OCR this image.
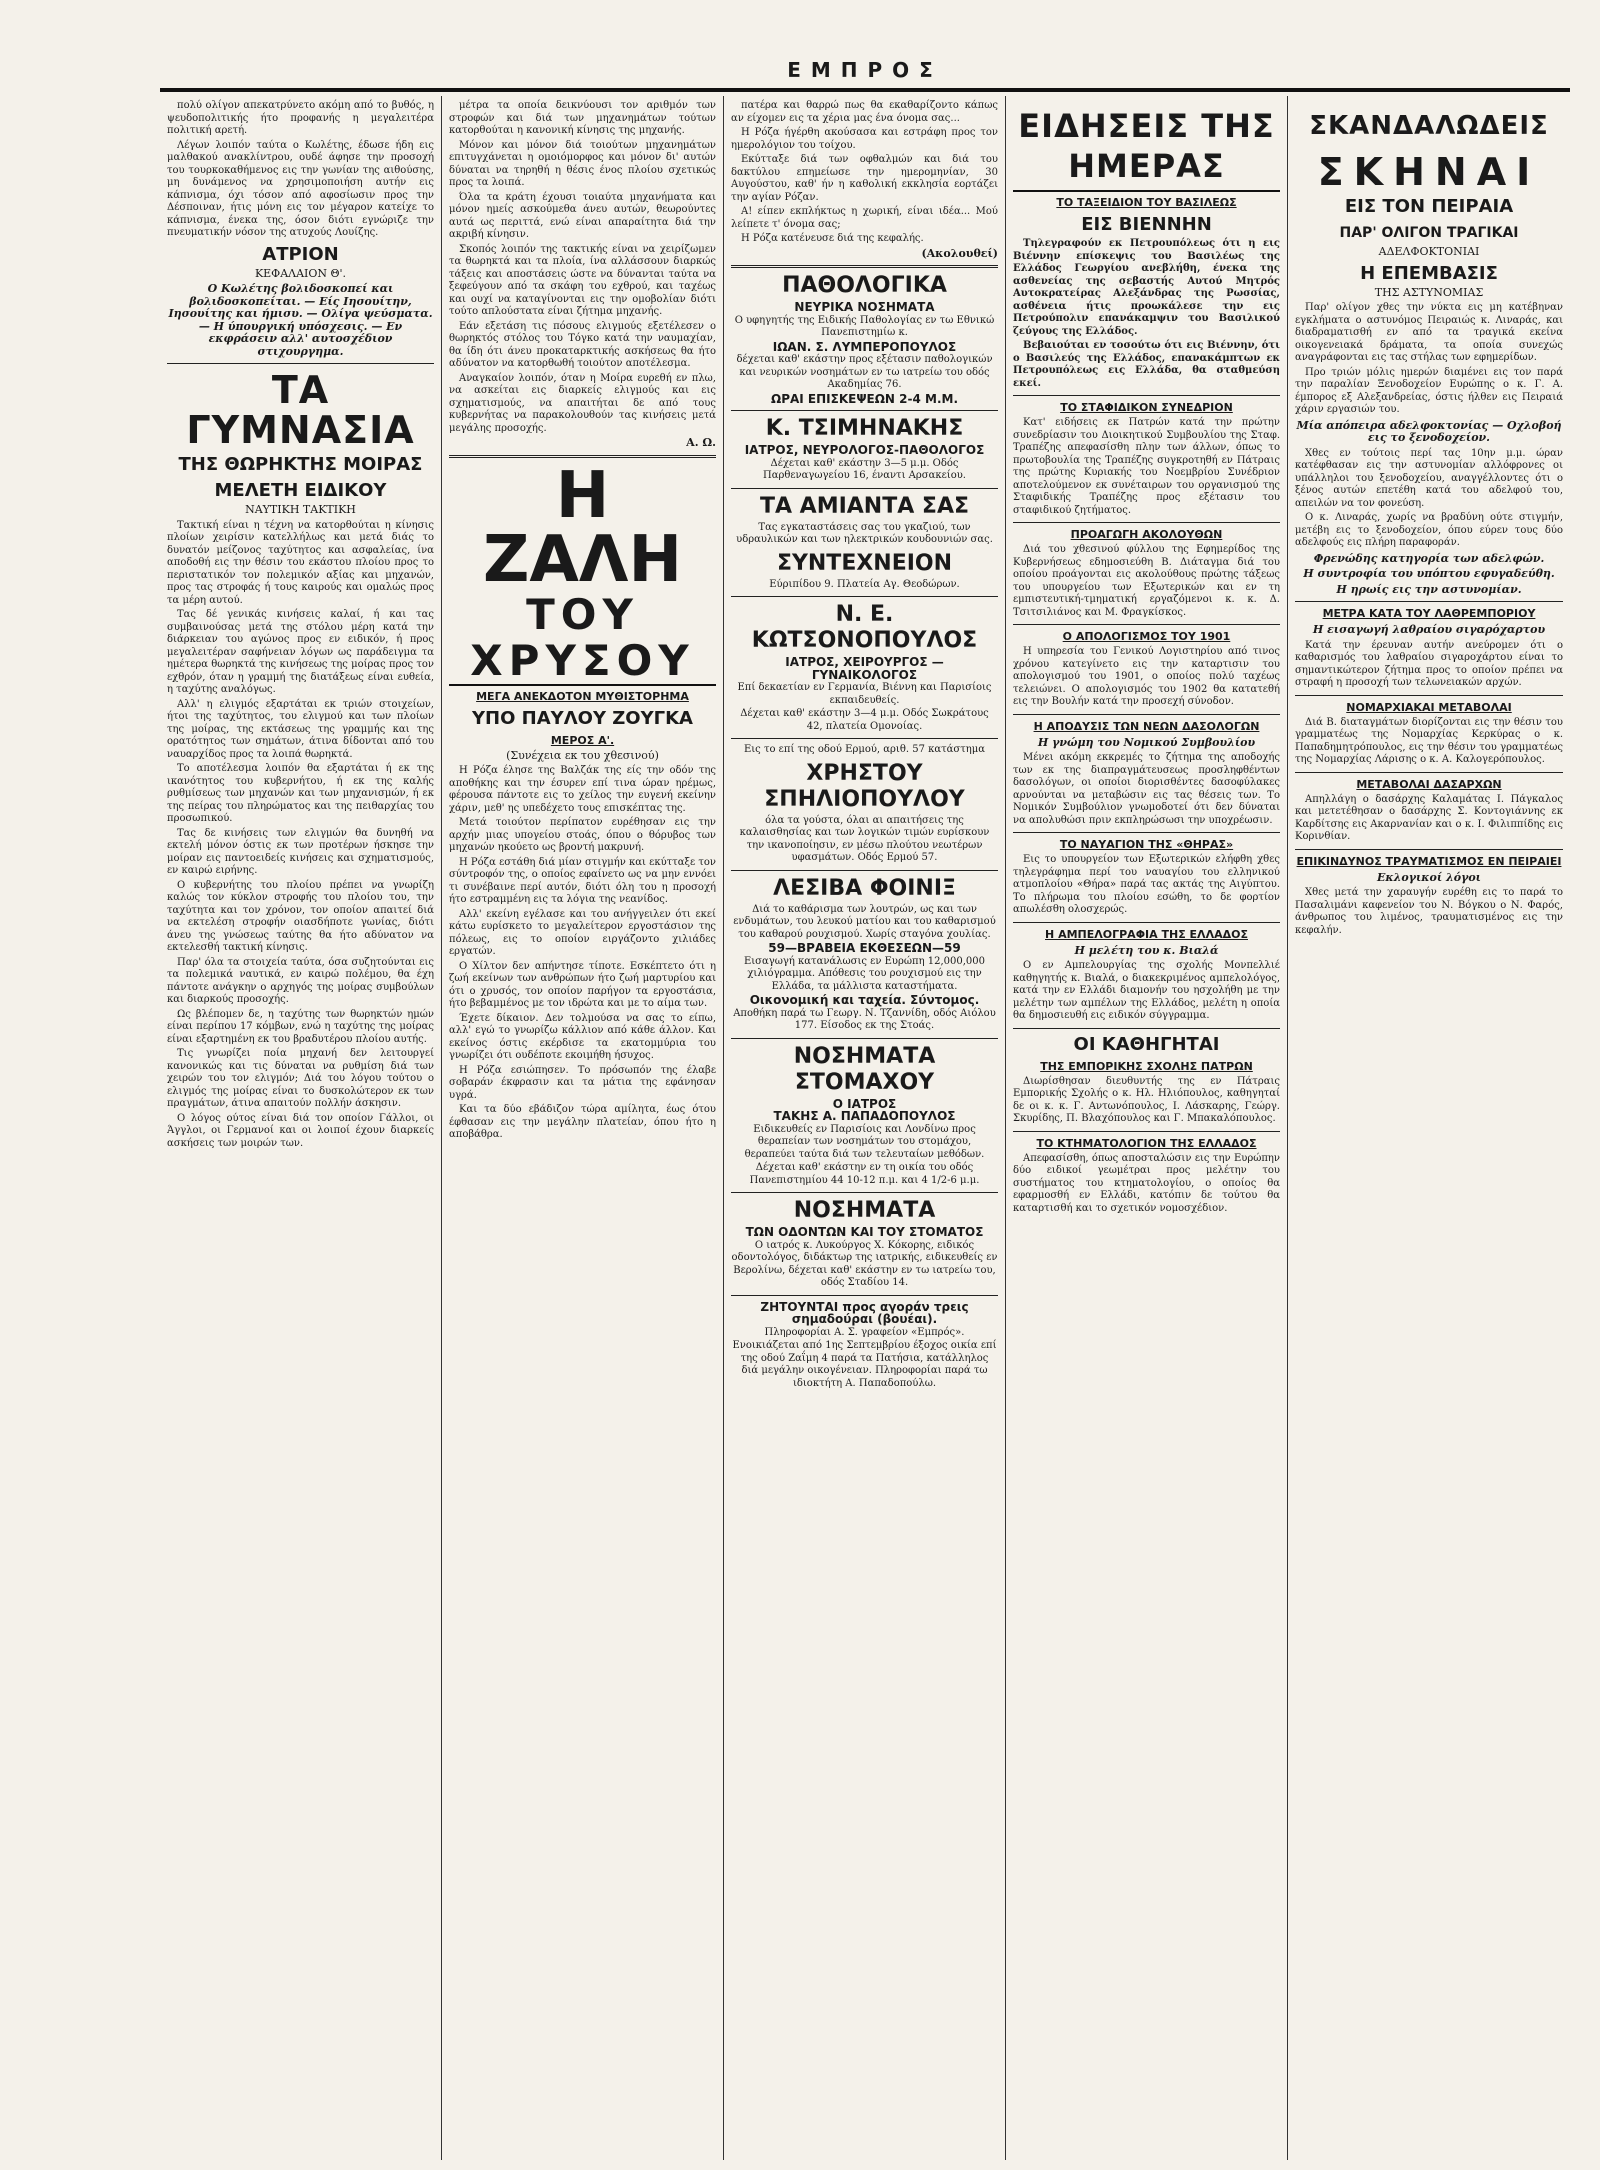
ΕΜΠΡΟΣ

πολύ ολίγον απεκατρύνετο ακόμη από το βυθός, η ψευδοπολιτικής ήτο προφανής η μεγαλειτέρα πολιτική αρετή.

Λέγων λοιπόν ταύτα ο Κωλέτης, έδωσε ήδη εις μαλθακού ανακλίντρου, ουδέ άφησε την προσοχή του τουρκοκαθήμενος εις την γωνίαν της αιθούσης, μη δυνάμενος να χρησιμοποιήση αυτήν εις κάπνισμα, όχι τόσον από αφοσίωσιν προς την Δέσποιναν, ήτις μόνη εις τον μέγαρον κατείχε το κάπνισμα, ένεκα της, όσον διότι εγνώριζε την πνευματικήν νόσον της ατυχούς Λουίζης.

ΑΤΡΙΟΝ
ΚΕΦΑΛΑΙΟΝ Θ'.
Ο Κωλέτης βολιδοσκοπεί και βολιδοσκοπείται. — Είς Ιησουίτην, Ιησουίτης και ήμισυ. — Ολίγα ψεύσματα. — Η ύπουργική υπόσχεσις. — Εν εκφράσειν αλλ' αυτοσχέδιον στιχουργημα.
ΤΑ ΓΥΜΝΑΣΙΑ
ΤΗΣ ΘΩΡΗΚΤΗΣ ΜΟΙΡΑΣ
ΜΕΛΕΤΗ ΕΙΔΙΚΟΥ
ΝΑΥΤΙΚΗ ΤΑΚΤΙΚΗ

Τακτική είναι η τέχνη να κατορθούται η κίνησις πλοίων χειρίσιν κατελλήλως και μετά διάς το δυνατόν μείζονος ταχύτητος και ασφαλείας, ίνα αποδοθή εις την θέσιν του εκάστου πλοίου προς το περιστατικόν τον πολεμικόν αξίας και μηχανών, προς τας στροφάς ή τους καιρούς και ομαλώς προς τα μέρη αυτού.

Τας δέ γενικάς κινήσεις καλαί, ή και τας συμβαινούσας μετά της στόλου μέρη κατά την διάρκειαν του αγώνος προς εν ειδικόν, ή προς μεγαλειτέραν σαφήνειαν λόγων ως παράδειγμα τα ημέτερα θωρηκτά της κινήσεως της μοίρας προς τον εχθρόν, όταν η γραμμή της διατάξεως είναι ευθεία, η ταχύτης αναλόγως.

Αλλ' η ελιγμός εξαρτάται εκ τριών στοιχείων, ήτοι της ταχύτητος, του ελιγμού και των πλοίων της μοίρας, της εκτάσεως της γραμμής και της ορατότητος των σημάτων, άτινα δίδονται από του ναυαρχίδος προς τα λοιπά θωρηκτά.

Το αποτέλεσμα λοιπόν θα εξαρτάται ή εκ της ικανότητος του κυβερνήτου, ή εκ της καλής ρυθμίσεως των μηχανών και των μηχανισμών, ή εκ της πείρας του πληρώματος και της πειθαρχίας του προσωπικού.

Τας δε κινήσεις των ελιγμών θα δυνηθή να εκτελή μόνον όστις εκ των προτέρων ήσκησε την μοίραν εις παντοειδείς κινήσεις και σχηματισμούς, εν καιρώ ειρήνης.

Ο κυβερνήτης του πλοίου πρέπει να γνωρίζη καλώς τον κύκλον στροφής του πλοίου του, την ταχύτητα και τον χρόνον, τον οποίον απαιτεί διά να εκτελέση στροφήν οιασδήποτε γωνίας, διότι άνευ της γνώσεως ταύτης θα ήτο αδύνατον να εκτελεσθή τακτική κίνησις.

Παρ' όλα τα στοιχεία ταύτα, όσα συζητούνται εις τα πολεμικά ναυτικά, εν καιρώ πολέμου, θα έχη πάντοτε ανάγκην ο αρχηγός της μοίρας συμβούλων και διαρκούς προσοχής.

Ως βλέπομεν δε, η ταχύτης των θωρηκτών ημών είναι περίπου 17 κόμβων, ενώ η ταχύτης της μοίρας είναι εξαρτημένη εκ του βραδυτέρου πλοίου αυτής.

Τις γνωρίζει ποία μηχανή δεν λειτουργεί κανονικώς και τις δύναται να ρυθμίση διά των χειρών του τον ελιγμόν; Διά του λόγου τούτου ο ελιγμός της μοίρας είναι το δυσκολώτερον εκ των πραγμάτων, άτινα απαιτούν πολλήν άσκησιν.

Ο λόγος ούτος είναι διά τον οποίον Γάλλοι, οι Άγγλοι, οι Γερμανοί και οι λοιποί έχουν διαρκείς ασκήσεις των μοιρών των.

μέτρα τα οποία δεικνύουσι τον αριθμόν των στροφών και διά των μηχανημάτων τούτων κατορθούται η κανονική κίνησις της μηχανής.

Μόνον και μόνον διά τοιούτων μηχανημάτων επιτυγχάνεται η ομοιόμορφος και μόνον δι' αυτών δύναται να τηρηθή η θέσις ένος πλοίου σχετικώς προς τα λοιπά.

Όλα τα κράτη έχουσι τοιαύτα μηχανήματα και μόνον ημείς ασκούμεθα άνευ αυτών, θεωρούντες αυτά ως περιττά, ενώ είναι απαραίτητα διά την ακριβή κίνησιν.

Σκοπός λοιπόν της τακτικής είναι να χειρίζωμεν τα θωρηκτά και τα πλοία, ίνα αλλάσσουν διαρκώς τάξεις και αποστάσεις ώστε να δύνανται ταύτα να ξεφεύγουν από τα σκάφη του εχθρού, και ταχέως και ουχί να καταγίνονται εις την ομοβολίαν διότι τούτο απλούστατα είναι ζήτημα μηχανής.

Εάν εξετάση τις πόσους ελιγμούς εξετέλεσεν ο θωρηκτός στόλος του Τόγκο κατά την ναυμαχίαν, θα ίδη ότι άνευ προκαταρκτικής ασκήσεως θα ήτο αδύνατον να κατορθωθή τοιούτον αποτέλεσμα.

Αναγκαίον λοιπόν, όταν η Μοίρα ευρεθή εν πλω, να ασκείται εις διαρκείς ελιγμούς και εις σχηματισμούς, να απαιτήται δε από τους κυβερνήτας να παρακολουθούν τας κινήσεις μετά μεγάλης προσοχής.

Α. Ω.
Η ΖΑΛΗ
ΤΟΥ ΧΡΥΣΟΥ
ΜΕΓΑ ΑΝΕΚΔΟΤΟΝ ΜΥΘΙΣΤΟΡΗΜΑ
ΥΠΟ ΠΑΥΛΟΥ ΖΟΥΓΚΑ
ΜΕΡΟΣ Α'.
(Συνέχεια εκ του χθεσινού)

Η Ρόζα έλησε της Βαλζάκ της είς την οδόν της αποθήκης και την έσυρεν επί τινα ώραν ηρέμως, φέρουσα πάντοτε εις το χείλος την ευγενή εκείνην χάριν, μεθ' ης υπεδέχετο τους επισκέπτας της.

Μετά τοιούτον περίπατον ευρέθησαν εις την αρχήν μιας υπογείου στοάς, όπου ο θόρυβος των μηχανών ηκούετο ως βροντή μακρυνή.

Η Ρόζα εστάθη διά μίαν στιγμήν και εκύτταξε τον σύντροφόν της, ο οποίος εφαίνετο ως να μην εννόει τι συνέβαινε περί αυτόν, διότι όλη του η προσοχή ήτο εστραμμένη εις τα λόγια της νεανίδος.

Αλλ' εκείνη εγέλασε και του ανήγγειλεν ότι εκεί κάτω ευρίσκετο το μεγαλείτερον εργοστάσιον της πόλεως, εις το οποίον ειργάζοντο χιλιάδες εργατών.

Ο Χίλτον δεν απήντησε τίποτε. Εσκέπτετο ότι η ζωή εκείνων των ανθρώπων ήτο ζωή μαρτυρίου και ότι ο χρυσός, τον οποίον παρήγον τα εργοστάσια, ήτο βεβαμμένος με τον ιδρώτα και με το αίμα των.

Έχετε δίκαιον. Δεν τολμούσα να σας το είπω, αλλ' εγώ το γνωρίζω κάλλιον από κάθε άλλον. Και εκείνος όστις εκέρδισε τα εκατομμύρια του γνωρίζει ότι ουδέποτε εκοιμήθη ήσυχος.

Η Ρόζα εσιώπησεν. Το πρόσωπόν της έλαβε σοβαράν έκφρασιν και τα μάτια της εφάνησαν υγρά.

Και τα δύο εβάδιζον τώρα αμίλητα, έως ότου έφθασαν εις την μεγάλην πλατείαν, όπου ήτο η αποβάθρα.

πατέρα και θαρρώ πως θα εκαθαρίζοντο κάπως αν είχομεν εις τα χέρια μας ένα όνομα σας...

Η Ρόζα ήγέρθη ακούσασα και εστράφη προς τον ημερολόγιον του τοίχου.

Εκύτταξε διά των οφθαλμών και διά του δακτύλου επημείωσε την ημερομηνίαν, 30 Αυγούστου, καθ' ήν η καθολική εκκλησία εορτάζει την αγίαν Ρόζαν.

Α! είπεν εκπλήκτως η χωρική, είναι ιδέα... Μού λείπετε τ' όνομα σας;

Η Ρόζα κατένευσε διά της κεφαλής.

(Ακολουθεί)
ΠΑΘΟΛΟΓΙΚΑ
ΝΕΥΡΙΚΑ ΝΟΣΗΜΑΤΑ
Ο υφηγητής της Ειδικής Παθολογίας εν τω Εθνικώ Πανεπιστημίω κ.
ΙΩΑΝ. Σ. ΛΥΜΠΕΡΟΠΟΥΛΟΣ
δέχεται καθ' εκάστην προς εξέτασιν παθολογικών και νευρικών νοσημάτων εν τω ιατρείω του οδός Ακαδημίας 76.
ΩΡΑΙ ΕΠΙΣΚΕΨΕΩΝ 2-4 Μ.Μ.
Κ. ΤΣΙΜΗΝΑΚΗΣ
ΙΑΤΡΟΣ, ΝΕΥΡΟΛΟΓΟΣ-ΠΑΘΟΛΟΓΟΣ
Δέχεται καθ' εκάστην 3—5 μ.μ. Οδός Παρθεναγωγείου 16, έναντι Αρσακείου.
ΤΑ ΑΜΙΑΝΤΑ ΣΑΣ
Τας εγκαταστάσεις σας του γκαζιού, των υδραυλικών και των ηλεκτρικών κουδουνιών σας.
ΣΥΝΤΕΧΝΕΙΟΝ
Εύριπίδου 9. Πλατεία Αγ. Θεοδώρων.
Ν. Ε. ΚΩΤΣΟΝΟΠΟΥΛΟΣ
ΙΑΤΡΟΣ, ΧΕΙΡΟΥΡΓΟΣ — ΓΥΝΑΙΚΟΛΟΓΟΣ
Επί δεκαετίαν εν Γερμανία, Βιέννη και Παρισίοις εκπαιδευθείς.
Δέχεται καθ' εκάστην 3—4 μ.μ. Οδός Σωκράτους 42, πλατεία Ομονοίας.
Εις το επί της οδού Ερμού, αριθ. 57 κατάστημα
ΧΡΗΣΤΟΥ ΣΠΗΛΙΟΠΟΥΛΟΥ
όλα τα γούστα, όλαι αι απαιτήσεις της καλαισθησίας και των λογικών τιμών ευρίσκουν την ικανοποίησιν, εν μέσω πλούτου νεωτέρων υφασμάτων. Οδός Ερμού 57.
ΛΕΣΙΒΑ ΦΟΙΝΙΞ
Διά το καθάρισμα των λουτρών, ως και των ενδυμάτων, του λευκού ματίου και του καθαρισμού του καθαρού ρουχισμού. Χωρίς σταγόνα χουλίας.
59—ΒΡΑΒΕΙΑ ΕΚΘΕΣΕΩΝ—59
Εισαγωγή κατανάλωσις εν Ευρώπη 12,000,000 χιλιόγραμμα. Απόθεσις του ρουχισμού εις την Ελλάδα, τα μάλλιστα καταστήματα.
Οικονομική και ταχεία. Σύντομος.
Αποθήκη παρά τω Γεωργ. Ν. Τζαννίδη, οδός Αιόλου 177. Είσοδος εκ της Στοάς.
ΝΟΣΗΜΑΤΑ ΣΤΟΜΑΧΟΥ
Ο ΙΑΤΡΟΣ
ΤΑΚΗΣ Α. ΠΑΠΑΔΟΠΟΥΛΟΣ
Ειδικευθείς εν Παρισίοις και Λονδίνω προς θεραπείαν των νοσημάτων του στομάχου, θεραπεύει ταύτα διά των τελευταίων μεθόδων.
Δέχεται καθ' εκάστην εν τη οικία του οδός Πανεπιστημίου 44 10-12 π.μ. και 4 1/2-6 μ.μ.
ΝΟΣΗΜΑΤΑ
ΤΩΝ ΟΔΟΝΤΩΝ ΚΑΙ ΤΟΥ ΣΤΟΜΑΤΟΣ
Ο ιατρός κ. Λυκούργος Χ. Κόκορης, ειδικός οδοντολόγος, διδάκτωρ της ιατρικής, ειδικευθείς εν Βερολίνω, δέχεται καθ' εκάστην εν τω ιατρείω του, οδός Σταδίου 14.
ΖΗΤΟΥΝΤΑΙ προς αγοράν τρεις σημαδούραι (βουέαι).
Πληροφορίαι Α. Σ. γραφείον «Εμπρός».
Ενοικιάζεται από 1ης Σεπτεμβρίου έξοχος οικία επί της οδού Ζαΐμη 4 παρά τα Πατήσια, κατάλληλος διά μεγάλην οικογένειαν. Πληροφορίαι παρά τω ιδιοκτήτη Α. Παπαδοπούλω.
ΕΙΔΗΣΕΙΣ ΤΗΣ ΗΜΕΡΑΣ
ΤΟ ΤΑΞΕΙΔΙΟΝ ΤΟΥ ΒΑΣΙΛΕΩΣ
ΕΙΣ ΒΙΕΝΝΗΝ

Τηλεγραφούν εκ Πετρουπόλεως ότι η εις Βιέννην επίσκεψις του Βασιλέως της Ελλάδος Γεωργίου ανεβλήθη, ένεκα της ασθενείας της σεβαστής Αυτού Μητρός Αυτοκρατείρας Αλεξάνδρας της Ρωσσίας, ασθένεια ήτις προωκάλεσε την εις Πετρούπολιν επανάκαμψιν του Βασιλικού ζεύγους της Ελλάδος.

Βεβαιούται εν τοσούτω ότι εις Βιέννην, ότι ο Βασιλεύς της Ελλάδος, επανακάμπτων εκ Πετρουπόλεως εις Ελλάδα, θα σταθμεύση εκεί.

ΤΟ ΣΤΑΦΙΔΙΚΟΝ ΣΥΝΕΔΡΙΟΝ

Κατ' ειδήσεις εκ Πατρών κατά την πρώτην συνεδρίασιν του Διοικητικού Συμβουλίου της Σταφ. Τραπέζης απεφασίσθη πλην των άλλων, όπως το πρωτοβουλία της Τραπέζης συγκροτηθή εν Πάτραις της πρώτης Κυριακής του Νοεμβρίου Συνέδριον αποτελούμενον εκ συνέταιρων του οργανισμού της Σταφιδικής Τραπέζης προς εξέτασιν του σταφιδικού ζητήματος.

ΠΡΟΑΓΩΓΗ ΑΚΟΛΟΥΘΩΝ

Διά του χθεσινού φύλλου της Εφημερίδος της Κυβερνήσεως εδημοσιεύθη Β. Διάταγμα διά του οποίου προάγονται εις ακολούθους πρώτης τάξεως του υπουργείου των Εξωτερικών και εν τη εμπιστευτική-τμηματική εργαζόμενοι κ. κ. Δ. Τσιτσιλιάνος και Μ. Φραγκίσκος.

Ο ΑΠΟΛΟΓΙΣΜΟΣ ΤΟΥ 1901

Η υπηρεσία του Γενικού Λογιστηρίου από τινος χρόνου κατεγίνετο εις την καταρτισιν του απολογισμού του 1901, ο οποίος πολύ ταχέως τελειώνει. Ο απολογισμός του 1902 θα κατατεθή εις την Βουλήν κατά την προσεχή σύνοδον.

Η ΑΠΟΔΥΣΙΣ ΤΩΝ ΝΕΩΝ ΔΑΣΟΛΟΓΩΝ
Η γνώμη του Νομικού Συμβουλίου

Μένει ακόμη εκκρεμές το ζήτημα της αποδοχής των εκ της διαπραγμάτευσεως προσληφθέντων δασολόγων, οι οποίοι διορισθέντες δασοφύλακες αρνούνται να μεταβώσιν εις τας θέσεις των. Το Νομικόν Συμβούλιον γνωμοδοτεί ότι δεν δύναται να απολυθώσι πριν εκπληρώσωσι την υποχρέωσιν.

ΤΟ ΝΑΥΑΓΙΟΝ ΤΗΣ «ΘΗΡΑΣ»

Εις το υπουργείον των Εξωτερικών ελήφθη χθες τηλεγράφημα περί του ναυαγίου του ελληνικού ατμοπλοίου «Θήρα» παρά τας ακτάς της Αιγύπτου. Το πλήρωμα του πλοίου εσώθη, το δε φορτίον απωλέσθη ολοσχερώς.

Η ΑΜΠΕΛΟΓΡΑΦΙΑ ΤΗΣ ΕΛΛΑΔΟΣ
Η μελέτη του κ. Βιαλά

Ο εν Αμπελουργίας της σχολής Μονπελλιέ καθηγητής κ. Βιαλά, ο διακεκριμένος αμπελολόγος, κατά την εν Ελλάδι διαμονήν του ησχολήθη με την μελέτην των αμπέλων της Ελλάδος, μελέτη η οποία θα δημοσιευθή εις ειδικόν σύγγραμμα.

ΟΙ ΚΑΘΗΓΗΤΑΙ
ΤΗΣ ΕΜΠΟΡΙΚΗΣ ΣΧΟΛΗΣ ΠΑΤΡΩΝ

Διωρίσθησαν διευθυντής της εν Πάτραις Εμπορικής Σχολής ο κ. Ηλ. Ηλιόπουλος, καθηγηταί δε οι κ. κ. Γ. Αντωνόπουλος, Ι. Λάσκαρης, Γεώργ. Σκυρίδης, Π. Βλαχόπουλος και Γ. Μπακαλόπουλος.

ΤΟ ΚΤΗΜΑΤΟΛΟΓΙΟΝ ΤΗΣ ΕΛΛΑΔΟΣ

Απεφασίσθη, όπως αποσταλώσιν εις την Ευρώπην δύο ειδικοί γεωμέτραι προς μελέτην του συστήματος του κτηματολογίου, ο οποίος θα εφαρμοσθή εν Ελλάδι, κατόπιν δε τούτου θα καταρτισθή και το σχετικόν νομοσχέδιον.

ΣΚΑΝΔΑΛΩΔΕΙΣ
ΣΚΗΝΑΙ
ΕΙΣ ΤΟΝ ΠΕΙΡΑΙΑ
ΠΑΡ' ΟΛΙΓΟΝ ΤΡΑΓΙΚΑΙ
ΑΔΕΛΦΟΚΤΟΝΙΑΙ
Η ΕΠΕΜΒΑΣΙΣ
ΤΗΣ ΑΣΤΥΝΟΜΙΑΣ

Παρ' ολίγον χθες την νύκτα εις μη κατέβηναν εγκλήματα ο αστυνόμος Πειραιώς κ. Λιναράς, και διαδραματισθή εν από τα τραγικά εκείνα οικογενειακά δράματα, τα οποία συνεχώς αναγράφονται εις τας στήλας των εφημερίδων.

Προ τριών μόλις ημερών διαμένει εις τον παρά την παραλίαν Ξενοδοχείον Ευρώπης ο κ. Γ. Α. έμπορος εξ Αλεξανδρείας, όστις ήλθεν εις Πειραιά χάριν εργασιών του.

Μία απόπειρα αδελφοκτονίας — Οχλοβοή εις το ξενοδοχείον.

Χθες εν τούτοις περί τας 10ην μ.μ. ώραν κατέφθασαν εις την αστυνομίαν αλλόφρονες οι υπάλληλοι του ξενοδοχείου, αναγγέλλοντες ότι ο ξένος αυτών επετέθη κατά του αδελφού του, απειλών να τον φονεύση.

Ο κ. Λιναράς, χωρίς να βραδύνη ούτε στιγμήν, μετέβη εις το ξενοδοχείον, όπου εύρεν τους δύο αδελφούς εις πλήρη παραφοράν.

Φρενώδης κατηγορία των αδελφών.
Η συντροφία του υπόπτου εφυγαδεύθη.
Η ηρωίς εις την αστυνομίαν.
ΜΕΤΡΑ ΚΑΤΑ ΤΟΥ ΛΑΘΡΕΜΠΟΡΙΟΥ
Η εισαγωγή λαθραίου σιγαρόχαρτου

Κατά την έρευναν αυτήν ανεύρομεν ότι ο καθαρισμός του λαθραίου σιγαροχάρτου είναι το σημαντικώτερον ζήτημα προς το οποίον πρέπει να στραφή η προσοχή των τελωνειακών αρχών.

ΝΟΜΑΡΧΙΑΚΑΙ ΜΕΤΑΒΟΛΑΙ

Διά Β. διαταγμάτων διορίζονται εις την θέσιν του γραμματέως της Νομαρχίας Κερκύρας ο κ. Παπαδημητρόπουλος, εις την θέσιν του γραμματέως της Νομαρχίας Λάρισης ο κ. Α. Καλογερόπουλος.

ΜΕΤΑΒΟΛΑΙ ΔΑΣΑΡΧΩΝ

Απηλλάγη ο δασάρχης Καλαμάτας Ι. Πάγκαλος και μετετέθησαν ο δασάρχης Σ. Κοντογιάννης εκ Καρδίτσης εις Ακαρνανίαν και ο κ. Ι. Φιλιππίδης εις Κορινθίαν.

ΕΠΙΚΙΝΔΥΝΟΣ ΤΡΑΥΜΑΤΙΣΜΟΣ ΕΝ ΠΕΙΡΑΙΕΙ
Εκλογικοί λόγοι

Χθες μετά την χαραυγήν ευρέθη εις το παρά το Πασαλιμάνι καφενείον του Ν. Βόγκου ο Ν. Φαρός, άνθρωπος του λιμένος, τραυματισμένος εις την κεφαλήν.
